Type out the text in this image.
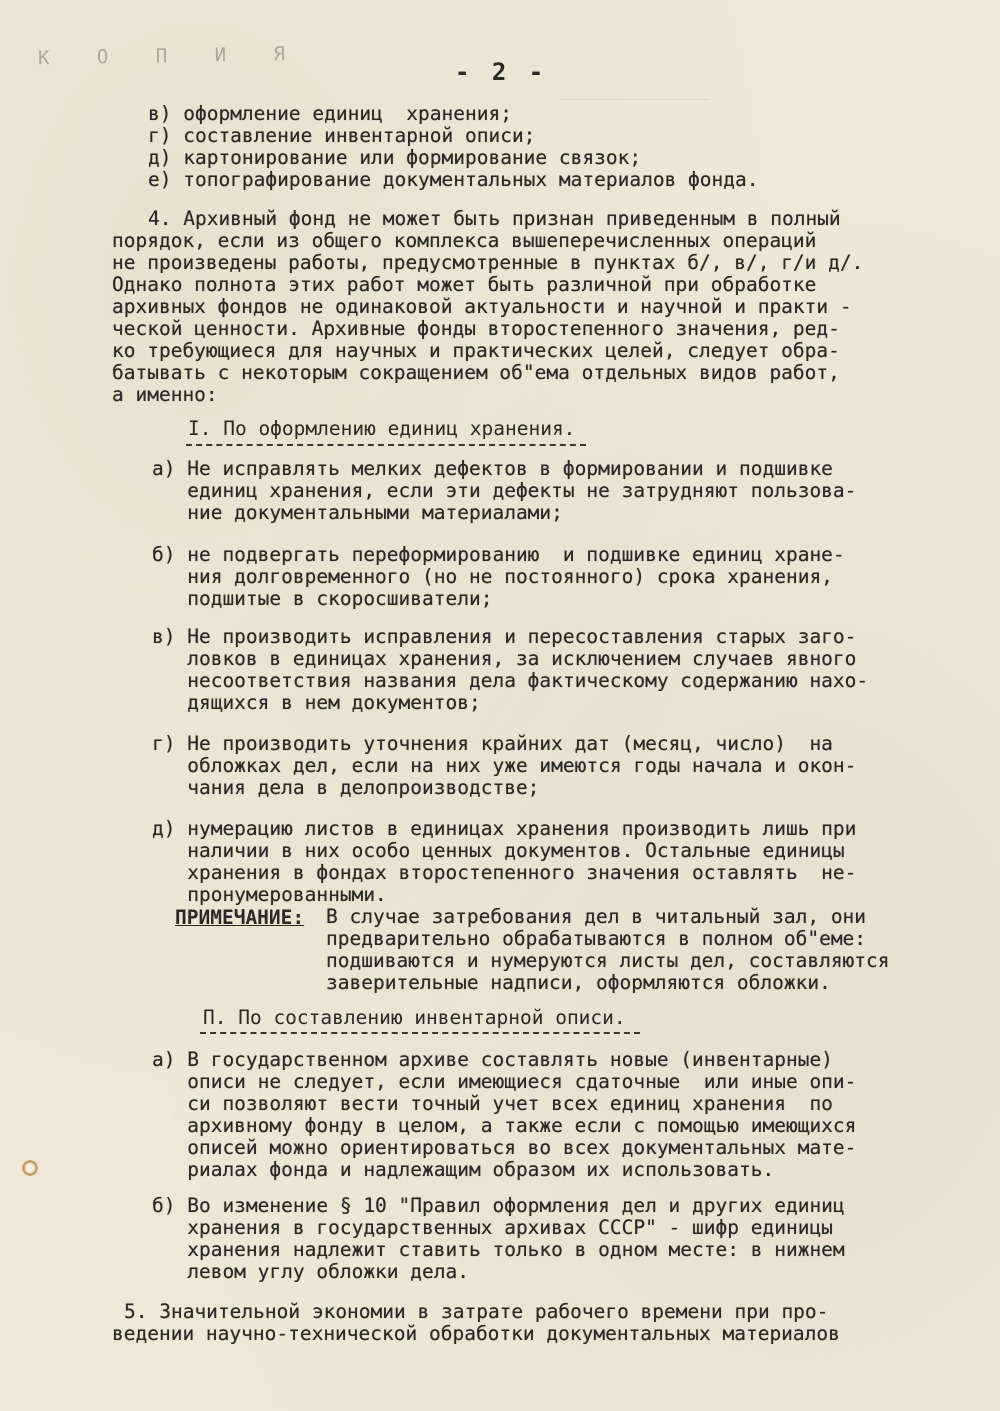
_____________
К О П И Я
- 2 -
в) оформление единиц  хранения;
г) составление инвентарной описи;
д) картонирование или формирование связок;
е) топографирование документальных материалов фонда.
4. Архивный фонд не может быть признан приведенным в полный
порядок, если из общего комплекса вышеперечисленных операций
не произведены работы, предусмотренные в пунктах б/, в/, г/и д/.
Однако полнота этих работ может быть различной при обработке
архивных фондов не одинаковой актуальности и научной и практи -
ческой ценности. Архивные фонды второстепенного значения, ред-
ко требующиеся для научных и практических целей, следует обра-
батывать с некоторым сокращением об"ема отдельных видов работ,
а именно:
I. По оформлению единиц хранения.
а) Не исправлять мелких дефектов в формировании и подшивке
единиц хранения, если эти дефекты не затрудняют пользова-
ние документальными материалами;
б) не подвергать переформированию  и подшивке единиц хране-
ния долговременного (но не постоянного) срока хранения,
подшитые в скоросшиватели;
в) Не производить исправления и пересоставления старых заго-
ловков в единицах хранения, за исключением случаев явного
несоответствия названия дела фактическому содержанию нахо-
дящихся в нем документов;
г) Не производить уточнения крайних дат (месяц, число)  на
обложках дел, если на них уже имеются годы начала и окон-
чания дела в делопроизводстве;
д) нумерацию листов в единицах хранения производить лишь при
наличии в них особо ценных документов. Остальные единицы
хранения в фондах второстепенного значения оставлять  не-
пронумерованными.
ПРИМЕЧАНИЕ: В случае затребования дел в читальный зал, они
предварительно обрабатываются в полном об"еме:
подшиваются и нумеруются листы дел, составляются
заверительные надписи, оформляются обложки.
П. По составлению инвентарной описи.
а) В государственном архиве составлять новые (инвентарные)
описи не следует, если имеющиеся сдаточные  или иные опи-
си позволяют вести точный учет всех единиц хранения  по
архивному фонду в целом, а также если с помощью имеющихся
описей можно ориентироваться во всех документальных мате-
риалах фонда и надлежащим образом их использовать.
б) Во изменение § 10 "Правил оформления дел и других единиц
хранения в государственных архивах СССР" - шифр единицы
хранения надлежит ставить только в одном месте: в нижнем
левом углу обложки дела.
5. Значительной экономии в затрате рабочего времени при про-
ведении научно-технической обработки документальных материалов
